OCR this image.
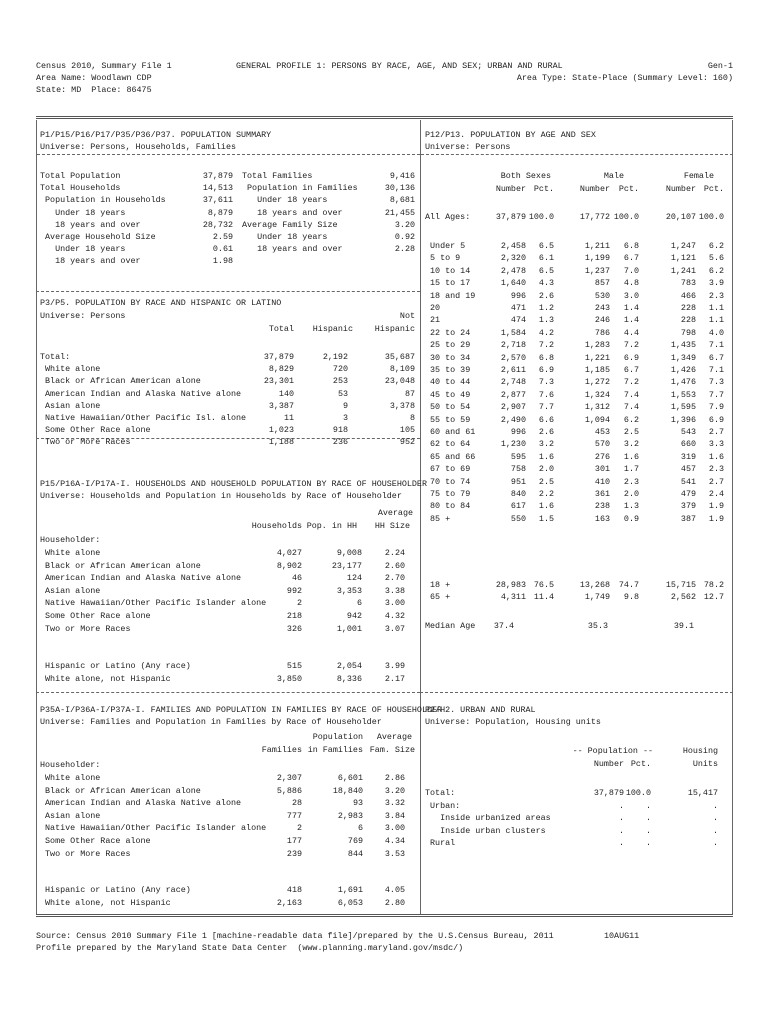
Census 2010, Summary File 1
Area Name: Woodlawn CDP
State: MD  Place: 86475
GENERAL PROFILE 1: PERSONS BY RACE, AGE, AND SEX; URBAN AND RURAL	Gen-1
Area Type: State-Place (Summary Level: 160)
P1/P15/P16/P17/P35/P36/P37. POPULATION SUMMARY
Universe: Persons, Households, Families
Total Population	37,879
Total Households	14,513
Population in Households	37,611
Under 18 years	8,879
18 years and over	28,732
Average Household Size	2.59
Under 18 years	0.61
18 years and over	1.98
Total Families	9,416
Population in Families	30,136
Under 18 years	8,681
18 years and over	21,455
Average Family Size	3.20
Under 18 years	0.92
18 years and over	2.28
P3/P5. POPULATION BY RACE AND HISPANIC OR LATINO
Universe: Persons	Not
Total Hispanic	Hispanic
Total:	37,879	2,192	35,687
White alone	8,829	720	8,109
Black or African American alone	23,301	253	23,048
American Indian and Alaska Native alone	140	53	87
Asian alone	3,387	9	3,378
Native Hawaiian/Other Pacific Isl. alone	11	3	8
Some Other Race alone	1,023	918	105
Two or More Races	1,188	236	952
P15/P16A-I/P17A-I. HOUSEHOLDS AND HOUSEHOLD POPULATION BY RACE OF HOUSEHOLDER
Universe: Households and Population in Households by Race of Householder
Average
Householder:
Households Pop. in HH HH Size
White alone	4,027	9,008	2.24
Black or African American alone	8,902	23,177	2.60
American Indian and Alaska Native alone	46	124	2.70
Asian alone	992	3,353	3.38
Native Hawaiian/Other Pacific Islander alone	2	6	3.00
Some Other Race alone	218	942	4.32
Two or More Races	326	1,001	3.07
Hispanic or Latino (Any race)	515	2,054	3.99
White alone, not Hispanic	3,850	8,336	2.17
P35A-I/P36A-I/P37A-I. FAMILIES AND POPULATION IN FAMILIES BY RACE OF HOUSEHOLDER
Universe: Families and Population in Families by Race of Householder
Householder:
Population Average
Families in Families Fam. Size
White alone	2,307	6,601	2.86
Black or African American alone	5,886	18,840	3.20
American Indian and Alaska Native alone	28	93	3.32
Asian alone	777	2,983	3.84
Native Hawaiian/Other Pacific Islander alone	2	6	3.00
Some Other Race alone	177	769	4.34
Two or More Races	239	844	3.53
Hispanic or Latino (Any race)	418	1,691	4.05
White alone, not Hispanic	2,163	6,053	2.80
P12/P13. POPULATION BY AGE AND SEX
Universe: Persons
Both Sexes	Male	Female
Number Pct.	Number Pct.	Number Pct.
Median Age 37.4	35.3	39.1
All Ages:	37,879 100.0	17,772 100.0	20,107 100.0
Under 5	2,458 6.5	1,211 6.8	1,247 6.2
5 to 9	2,320 6.1	1,199 6.7	1,121 5.6
10 to 14	2,478 6.5	1,237 7.0	1,241 6.2
15 to 17	1,640 4.3	857 4.8	783 3.9
18 and 19	996 2.6	530 3.0	466 2.3
20	471 1.2	243 1.4	228 1.1
21	474 1.3	246 1.4	228 1.1
22 to 24	1,584 4.2	786 4.4	798 4.0
25 to 29	2,718 7.2	1,283 7.2	1,435 7.1
30 to 34	2,570 6.8	1,221 6.9	1,349 6.7
35 to 39	2,611 6.9	1,185 6.7	1,426 7.1
40 to 44	2,748 7.3	1,272 7.2	1,476 7.3
45 to 49	2,877 7.6	1,324 7.4	1,553 7.7
50 to 54	2,907 7.7	1,312 7.4	1,595 7.9
55 to 59	2,490 6.6	1,094 6.2	1,396 6.9
60 and 61	996 2.6	453 2.5	543 2.7
62 to 64	1,230 3.2	570 3.2	660 3.3
65 and 66	595 1.6	276 1.6	319 1.6
67 to 69	758 2.0	301 1.7	457 2.3
70 to 74	951 2.5	410 2.3	541 2.7
75 to 79	840 2.2	361 2.0	479 2.4
80 to 84	617 1.6	238 1.3	379 1.9
85 +	550 1.5	163 0.9	387 1.9
18 +	28,983 76.5	13,268 74.7	15,715 78.2
65 +	4,311 11.4	1,749 9.8	2,562 12.7
P2/H2. URBAN AND RURAL
Universe: Population, Housing units
-- Population --	Housing
Number Pct.	Units
Total:	37,879 100.0	15,417
Urban:	.	.	.
Inside urbanized areas	.	.	.
Inside urban clusters	.	.	.
Rural	.	.	.
Source: Census 2010 Summary File 1 [machine-readable data file]/prepared by the U.S.Census Bureau, 2011	10AUG11
Profile prepared by the Maryland State Data Center  (www.planning.maryland.gov/msdc/)
